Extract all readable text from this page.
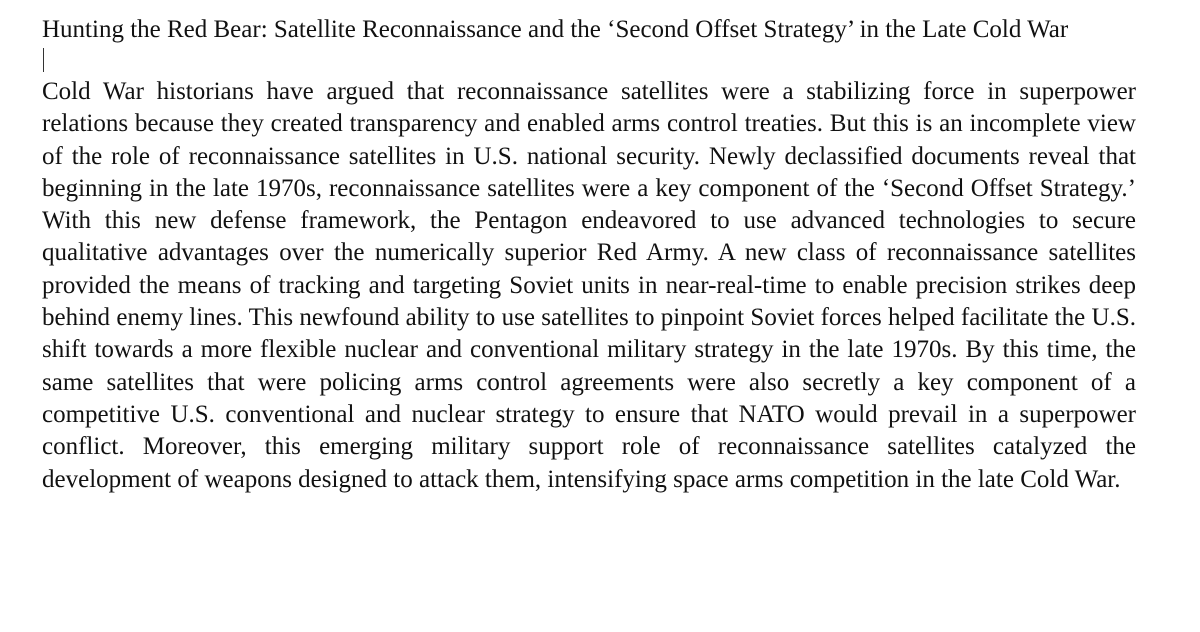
Hunting the Red Bear: Satellite Reconnaissance and the ‘Second Offset Strategy’ in the Late Cold War

Cold War historians have argued that reconnaissance satellites were a stabilizing force in superpower relations because they created transparency and enabled arms control treaties. But this is an incomplete view of the role of reconnaissance satellites in U.S. national security. Newly declassified documents reveal that beginning in the late 1970s, reconnaissance satellites were a key component of the ‘Second Offset Strategy.’ With this new defense framework, the Pentagon endeavored to use advanced technologies to secure qualitative advantages over the numerically superior Red Army. A new class of reconnaissance satellites provided the means of tracking and targeting Soviet units in near-real-time to enable precision strikes deep behind enemy lines. This newfound ability to use satellites to pinpoint Soviet forces helped facilitate the U.S. shift towards a more flexible nuclear and conventional military strategy in the late 1970s. By this time, the same satellites that were policing arms control agreements were also secretly a key component of a competitive U.S. conventional and nuclear strategy to ensure that NATO would prevail in a superpower conflict. Moreover, this emerging military support role of reconnaissance satellites catalyzed the development of weapons designed to attack them, intensifying space arms competition in the late Cold War.
